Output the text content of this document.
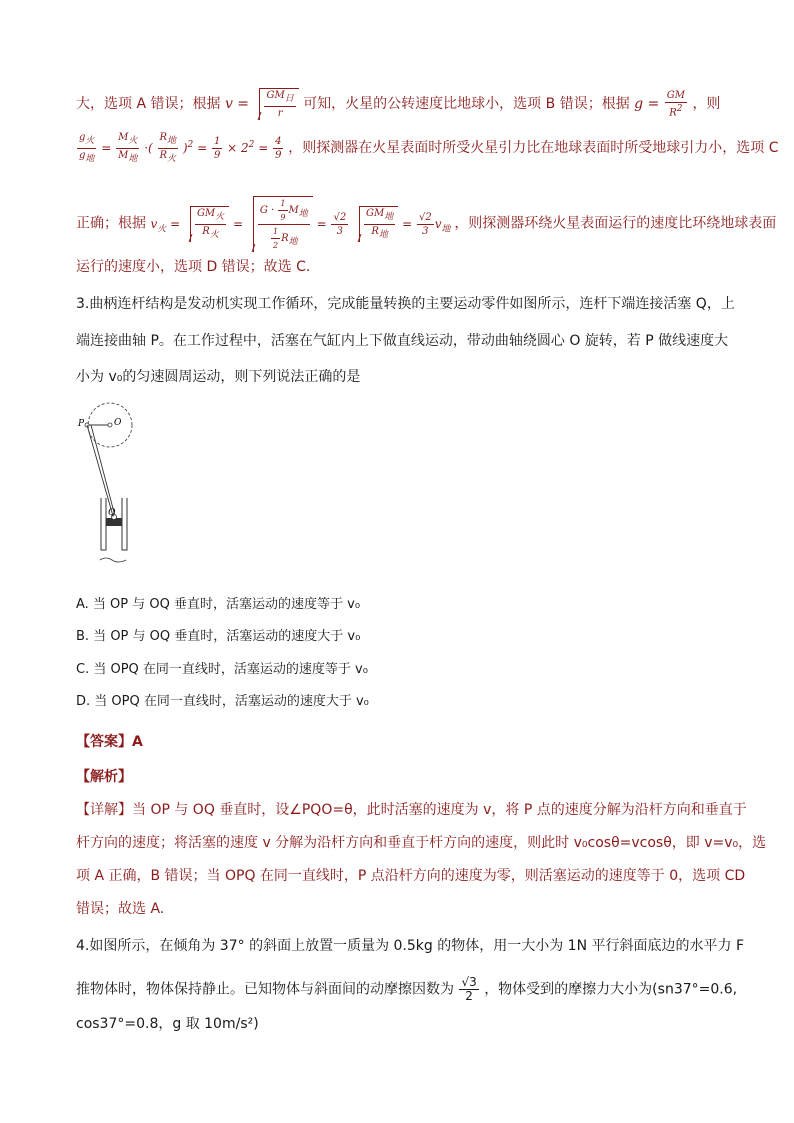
大，选项 A 错误；根据 $v = \frac{GM_日}{r}$ 可知，火星的公转速度比地球小，选项 B 错误；根据 $g = \frac{GM}{R^2}$ ，则
$\frac{g_火}{g_地} = \frac{M_火}{M_地}$ ·( $\frac{R_地}{R_火} )^2 = \frac{1}{9} \times 2^2 = \frac{4}{9}$ ，则探测器在火星表面时所受火星引力比在地球表面时所受地球引力小，选项 C
正确；根据 $v_火 = \frac{GM_火}{R_火} = \frac{G \cdot \frac{1}{9} M_地}{\frac{1}{2} R_地} = \frac{√2}{3}$
$\frac{GM_地}{R_地} = \frac{√2}{3} v_地$ ，则探测器环绕火星表面运行的速度比环绕地球表面
运行的速度小，选项 D 错误；故选 C.
3.曲柄连杆结构是发动机实现工作循环，完成能量转换的主要运动零件如图所示，连杆下端连接活塞 Q，上
端连接曲轴 P。在工作过程中，活塞在气缸内上下做直线运动，带动曲轴绕圆心 O 旋转，若 P 做线速度大
小为 v₀的匀速圆周运动，则下列说法正确的是
P	O
Q
A. 当 OP 与 OQ 垂直时，活塞运动的速度等于 v₀
B. 当 OP 与 OQ 垂直时，活塞运动的速度大于 v₀
C. 当 OPQ 在同一直线时，活塞运动的速度等于 v₀
D. 当 OPQ 在同一直线时，活塞运动的速度大于 v₀
【答案】A
【解析】
【详解】当 OP 与 OQ 垂直时，设∠PQO=θ，此时活塞的速度为 v，将 P 点的速度分解为沿杆方向和垂直于
杆方向的速度；将活塞的速度 v 分解为沿杆方向和垂直于杆方向的速度，则此时 v₀cosθ=vcosθ，即 v=v₀，选
项 A 正确，B 错误；当 OPQ 在同一直线时，P 点沿杆方向的速度为零，则活塞运动的速度等于 0，选项 CD
错误；故选 A.
4.如图所示，在倾角为 37° 的斜面上放置一质量为 0.5kg 的物体，用一大小为 1N 平行斜面底边的水平力 F
推物体时，物体保持静止。已知物体与斜面间的动摩擦因数为 $\frac{√3}{2}$ ，物体受到的摩擦力大小为(sn37°=0.6,
cos37°=0.8，g 取 10m/s²)
